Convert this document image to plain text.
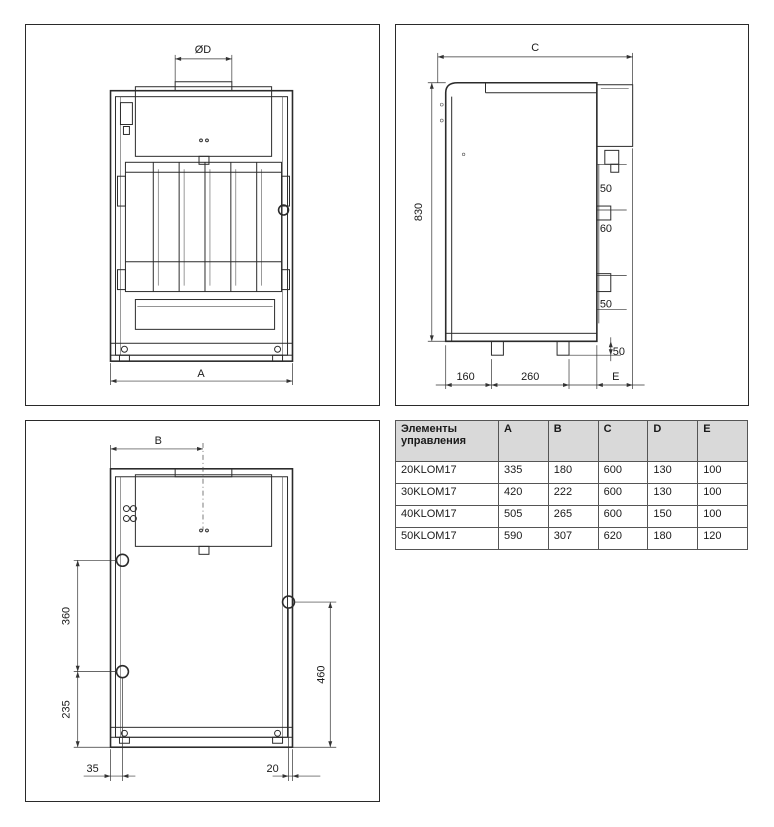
A
ØD	C
830
50
60
50
50
160	260	E
B
360
235
460
35	20
Элементы управления	A	B	C	D	E
20KLOM17	335	180	600	130	100
30KLOM17	420	222	600	130	100
40KLOM17	505	265	600	150	100
50KLOM17	590	307	620	180	120
